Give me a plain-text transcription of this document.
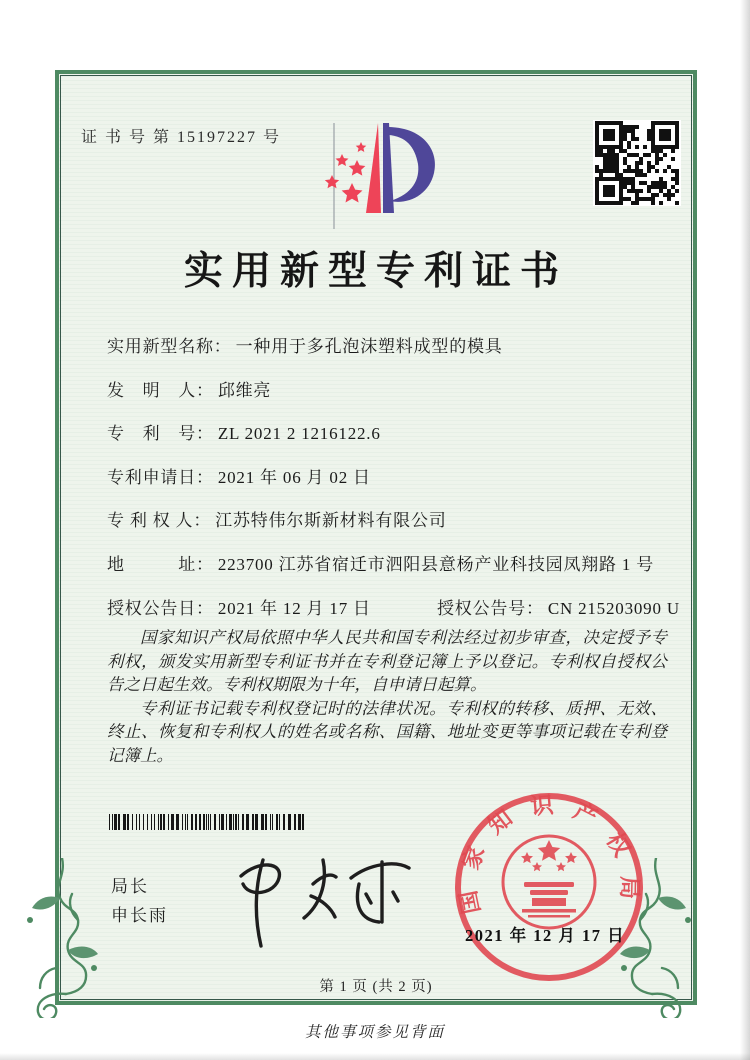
证 书 号 第 15197227 号
实用新型专利证书
实用新型名称： 一种用于多孔泡沫塑料成型的模具
发　明　人： 邱维亮
专　利　号： ZL 2021 2 1216122.6
专利申请日： 2021 年 06 月 02 日
专 利 权 人： 江苏特伟尔斯新材料有限公司
地　　　址： 223700 江苏省宿迁市泗阳县意杨产业科技园凤翔路 1 号
授权公告日： 2021 年 12 月 17 日	授权公告号： CN 215203090 U

国家知识产权局依照中华人民共和国专利法经过初步审查，决定授予专利权，颁发实用新型专利证书并在专利登记簿上予以登记。专利权自授权公告之日起生效。专利权期限为十年，自申请日起算。

专利证书记载专利权登记时的法律状况。专利权的转移、质押、无效、终止、恢复和专利权人的姓名或名称、国籍、地址变更等事项记载在专利登记簿上。

局长
申长雨	国家知识产权局
2021 年 12 月 17 日
第 1 页 (共 2 页)
其他事项参见背面
